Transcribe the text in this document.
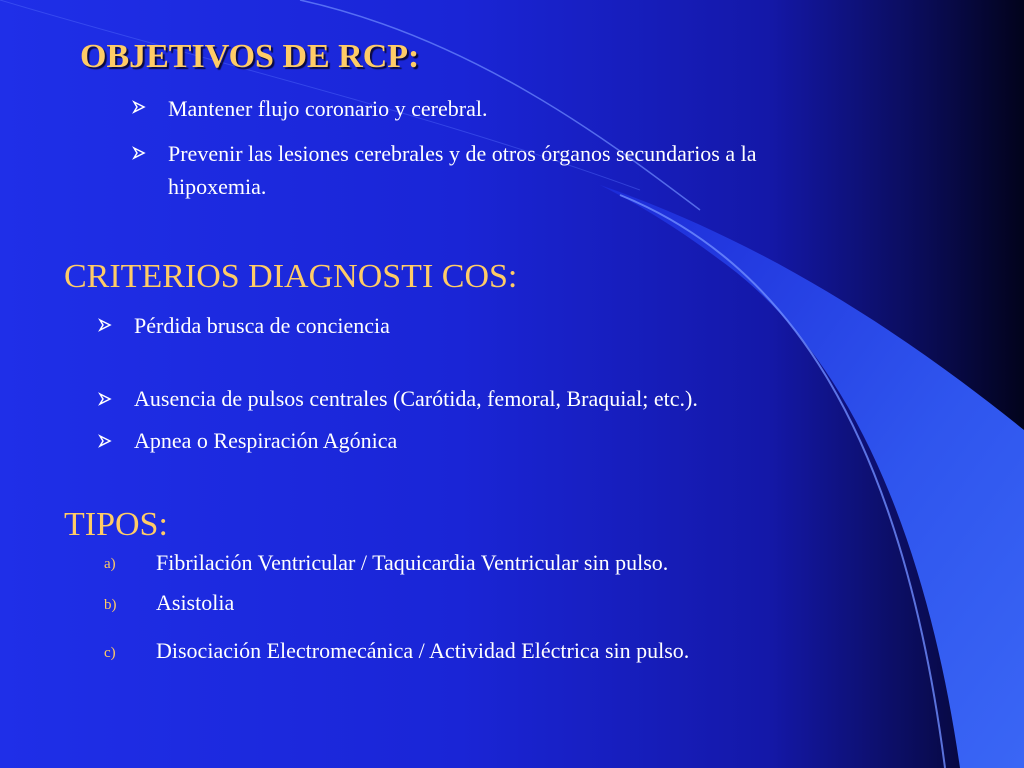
OBJETIVOS DE RCP:
Mantener flujo coronario y cerebral.
Prevenir las lesiones cerebrales y de otros órganos secundarios a la
hipoxemia.
CRITERIOS DIAGNOSTI COS:
Pérdida brusca de conciencia
Ausencia de pulsos centrales (Carótida, femoral, Braquial; etc.).
Apnea o Respiración Agónica
TIPOS:
a) Fibrilación Ventricular / Taquicardia Ventricular sin pulso.
b) Asistolia
c) Disociación Electromecánica / Actividad Eléctrica sin pulso.
